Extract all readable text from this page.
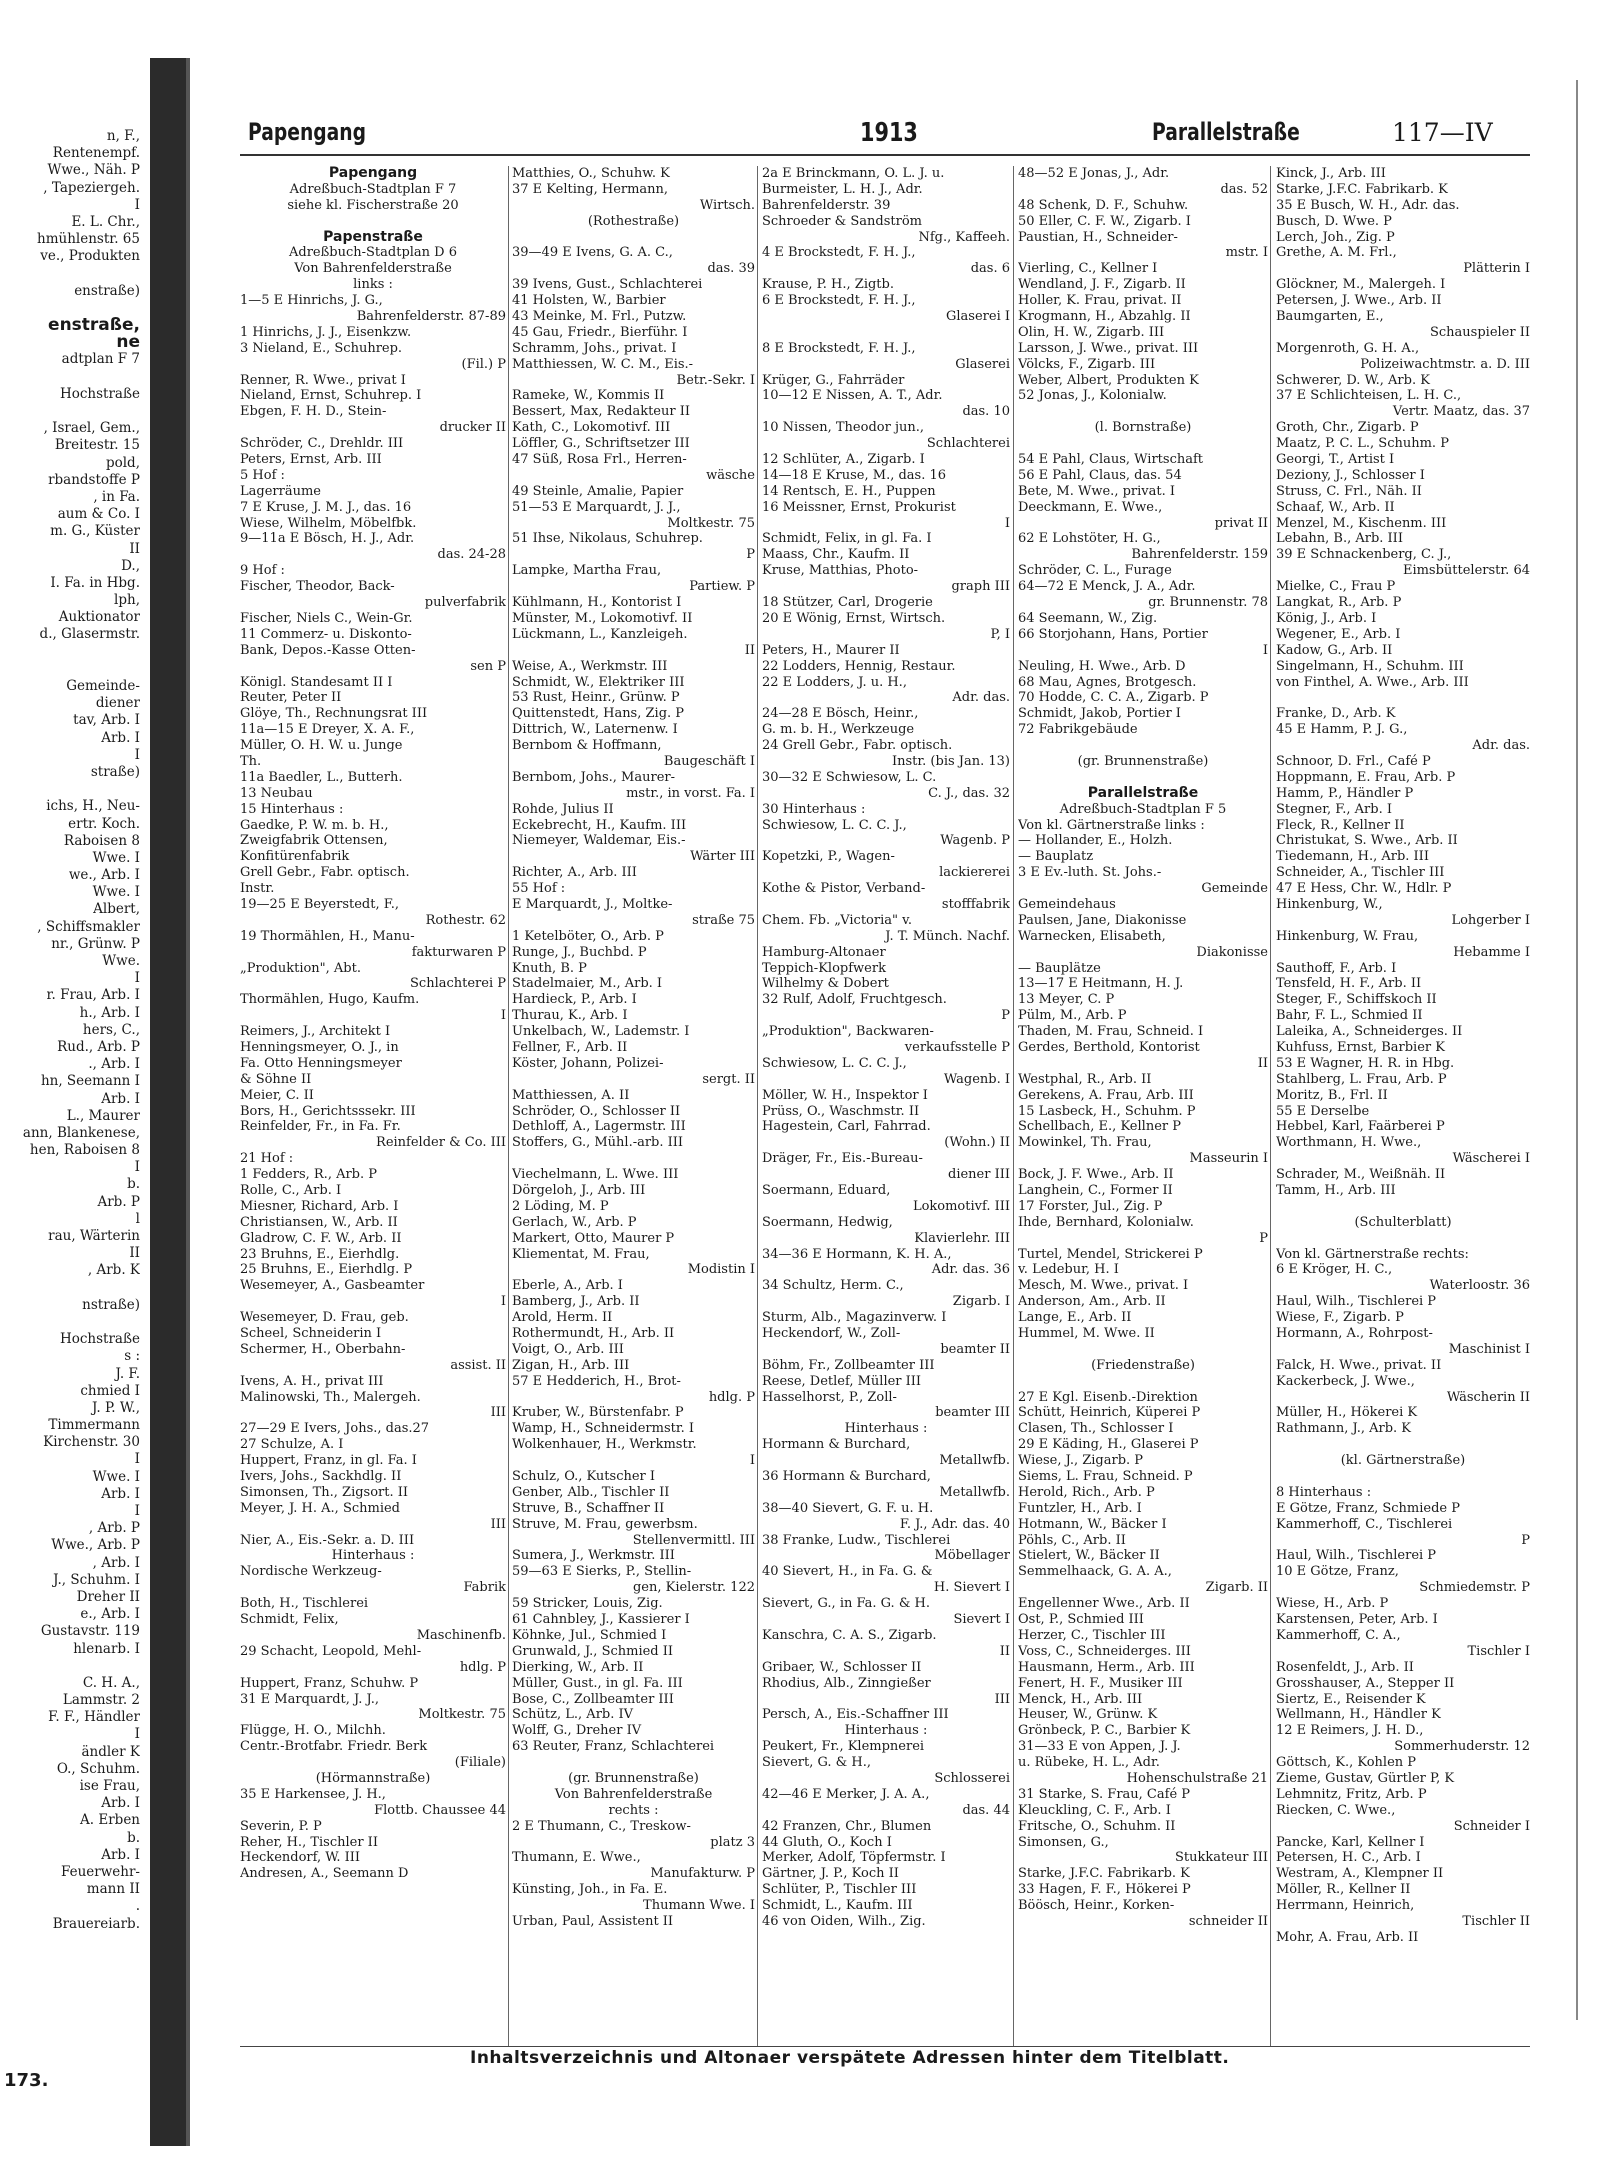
n, F.,
Rentenempf.
Wwe., Näh. P
, Tapeziergeh.
I
E. L. Chr.,
hmühlenstr. 65
ve., Produkten
enstraße)
enstraße,
ne
adtplan F 7
Hochstraße
, Israel, Gem.,
Breitestr. 15
pold,
rbandstoffe P
, in Fa.
aum & Co. I
m. G., Küster
II
D.,
I. Fa. in Hbg.
lph,
Auktionator
d., Glasermstr.
Gemeinde-
diener
tav, Arb. I
Arb. I
I
straße)
ichs, H., Neu-
ertr. Koch.
Raboisen 8
Wwe. I
we., Arb. I
Wwe. I
Albert,
, Schiffsmakler
nr., Grünw. P
Wwe.
I
r. Frau, Arb. I
h., Arb. I
hers, C.,
Rud., Arb. P
., Arb. I
hn, Seemann I
Arb. I
L., Maurer
ann, Blankenese,
hen, Raboisen 8
I
b.
Arb. P
l
rau, Wärterin
II
, Arb. K
nstraße)
Hochstraße
s :
J. F.
chmied I
J. P. W.,
Timmermann
Kirchenstr. 30
I
Wwe. I
Arb. I
I
, Arb. P
Wwe., Arb. P
, Arb. I
J., Schuhm. I
Dreher II
e., Arb. I
Gustavstr. 119
hlenarb. I
C. H. A.,
Lammstr. 2
F. F., Händler
I
ändler K
O., Schuhm.
ise Frau,
Arb. I
A. Erben
b.
Arb. I
Feuerwehr-
mann II
.
Brauereiarb.
173.
Papengang	1913	Parallelstraße	117—IV
Papengang
Adreßbuch-Stadtplan F 7
siehe kl. Fischerstraße 20
Papenstraße
Adreßbuch-Stadtplan D 6
Von Bahrenfelderstraße
links :
1—5 E Hinrichs, J. G.,
Bahrenfelderstr. 87-89
1 Hinrichs, J. J., Eisenkzw.
3 Nieland, E., Schuhrep.
(Fil.) P
Renner, R. Wwe., privat I
Nieland, Ernst, Schuhrep. I
Ebgen, F. H. D., Stein-
drucker II
Schröder, C., Drehldr. III
Peters, Ernst, Arb. III
5 Hof :
Lagerräume
7 E Kruse, J. M. J., das. 16
Wiese, Wilhelm, Möbelfbk.
9—11a E Bösch, H. J., Adr.
das. 24-28
9 Hof :
Fischer, Theodor, Back-
pulverfabrik
Fischer, Niels C., Wein-Gr.
11 Commerz- u. Diskonto-
Bank, Depos.-Kasse Otten-
sen P
Königl. Standesamt II I
Reuter, Peter II
Glöye, Th., Rechnungsrat III
11a—15 E Dreyer, X. A. F.,
Müller, O. H. W. u. Junge
Th.
11a Baedler, L., Butterh.
13 Neubau
15 Hinterhaus :
Gaedke, P. W. m. b. H.,
Zweigfabrik Ottensen,
Konfitürenfabrik
Grell Gebr., Fabr. optisch.
Instr.
19—25 E Beyerstedt, F.,
Rothestr. 62
19 Thormählen, H., Manu-
fakturwaren P
„Produktion", Abt.
Schlachterei P
Thormählen, Hugo, Kaufm.
I
Reimers, J., Architekt I
Henningsmeyer, O. J., in
Fa. Otto Henningsmeyer
& Söhne II
Meier, C. II
Bors, H., Gerichtsssekr. III
Reinfelder, Fr., in Fa. Fr.
Reinfelder & Co. III
21 Hof :
1 Fedders, R., Arb. P
Rolle, C., Arb. I
Miesner, Richard, Arb. I
Christiansen, W., Arb. II
Gladrow, C. F. W., Arb. II
23 Bruhns, E., Eierhdlg.
25 Bruhns, E., Eierhdlg. P
Wesemeyer, A., Gasbeamter
I
Wesemeyer, D. Frau, geb.
Scheel, Schneiderin I
Schermer, H., Oberbahn-
assist. II
Ivens, A. H., privat III
Malinowski, Th., Malergeh.
III
27—29 E Ivers, Johs., das.27
27 Schulze, A. I
Huppert, Franz, in gl. Fa. I
Ivers, Johs., Sackhdlg. II
Simonsen, Th., Zigsort. II
Meyer, J. H. A., Schmied
III
Nier, A., Eis.-Sekr. a. D. III
Hinterhaus :
Nordische Werkzeug-
Fabrik
Both, H., Tischlerei
Schmidt, Felix,
Maschinenfb.
29 Schacht, Leopold, Mehl-
hdlg. P
Huppert, Franz, Schuhw. P
31 E Marquardt, J. J.,
Moltkestr. 75
Flügge, H. O., Milchh.
Centr.-Brotfabr. Friedr. Berk
(Filiale)
(Hörmannstraße)
35 E Harkensee, J. H.,
Flottb. Chaussee 44
Severin, P. P
Reher, H., Tischler II
Heckendorf, W. III
Andresen, A., Seemann D
Matthies, O., Schuhw. K
37 E Kelting, Hermann,
Wirtsch.
(Rothestraße)
39—49 E Ivens, G. A. C.,
das. 39
39 Ivens, Gust., Schlachterei
41 Holsten, W., Barbier
43 Meinke, M. Frl., Putzw.
45 Gau, Friedr., Bierführ. I
Schramm, Johs., privat. I
Matthiessen, W. C. M., Eis.-
Betr.-Sekr. I
Rameke, W., Kommis II
Bessert, Max, Redakteur II
Kath, C., Lokomotivf. III
Löffler, G., Schriftsetzer III
47 Süß, Rosa Frl., Herren-
wäsche
49 Steinle, Amalie, Papier
51—53 E Marquardt, J. J.,
Moltkestr. 75
51 Ihse, Nikolaus, Schuhrep.
P
Lampke, Martha Frau,
Partiew. P
Kühlmann, H., Kontorist I
Münster, M., Lokomotivf. II
Lückmann, L., Kanzleigeh.
II
Weise, A., Werkmstr. III
Schmidt, W., Elektriker III
53 Rust, Heinr., Grünw. P
Quittenstedt, Hans, Zig. P
Dittrich, W., Laternenw. I
Bernbom & Hoffmann,
Baugeschäft I
Bernbom, Johs., Maurer-
mstr., in vorst. Fa. I
Rohde, Julius II
Eckebrecht, H., Kaufm. III
Niemeyer, Waldemar, Eis.-
Wärter III
Richter, A., Arb. III
55 Hof :
E Marquardt, J., Moltke-
straße 75
1 Ketelböter, O., Arb. P
Runge, J., Buchbd. P
Knuth, B. P
Stadelmaier, M., Arb. I
Hardieck, P., Arb. I
Thurau, K., Arb. I
Unkelbach, W., Lademstr. I
Fellner, F., Arb. II
Köster, Johann, Polizei-
sergt. II
Matthiessen, A. II
Schröder, O., Schlosser II
Dethloff, A., Lagermstr. III
Stoffers, G., Mühl.-arb. III
Viechelmann, L. Wwe. III
Dörgeloh, J., Arb. III
2 Löding, M. P
Gerlach, W., Arb. P
Markert, Otto, Maurer P
Kliementat, M. Frau,
Modistin I
Eberle, A., Arb. I
Bamberg, J., Arb. II
Arold, Herm. II
Rothermundt, H., Arb. II
Voigt, O., Arb. III
Zigan, H., Arb. III
57 E Hedderich, H., Brot-
hdlg. P
Kruber, W., Bürstenfabr. P
Wamp, H., Schneidermstr. I
Wolkenhauer, H., Werkmstr.
I
Schulz, O., Kutscher I
Genber, Alb., Tischler II
Struve, B., Schaffner II
Struve, M. Frau, gewerbsm.
Stellenvermittl. III
Sumera, J., Werkmstr. III
59—63 E Sierks, P., Stellin-
gen, Kielerstr. 122
59 Stricker, Louis, Zig.
61 Cahnbley, J., Kassierer I
Köhnke, Jul., Schmied I
Grunwald, J., Schmied II
Dierking, W., Arb. II
Müller, Gust., in gl. Fa. III
Bose, C., Zollbeamter III
Schütz, L., Arb. IV
Wolff, G., Dreher IV
63 Reuter, Franz, Schlachterei
(gr. Brunnenstraße)
Von Bahrenfelderstraße
rechts :
2 E Thumann, C., Treskow-
platz 3
Thumann, E. Wwe.,
Manufakturw. P
Künsting, Joh., in Fa. E.
Thumann Wwe. I
Urban, Paul, Assistent II
2a E Brinckmann, O. L. J. u.
Burmeister, L. H. J., Adr.
Bahrenfelderstr. 39
Schroeder & Sandström
Nfg., Kaffeeh.
4 E Brockstedt, F. H. J.,
das. 6
Krause, P. H., Zigtb.
6 E Brockstedt, F. H. J.,
Glaserei I
8 E Brockstedt, F. H. J.,
Glaserei
Krüger, G., Fahrräder
10—12 E Nissen, A. T., Adr.
das. 10
10 Nissen, Theodor jun.,
Schlachterei
12 Schlüter, A., Zigarb. I
14—18 E Kruse, M., das. 16
14 Rentsch, E. H., Puppen
16 Meissner, Ernst, Prokurist
I
Schmidt, Felix, in gl. Fa. I
Maass, Chr., Kaufm. II
Kruse, Matthias, Photo-
graph III
18 Stützer, Carl, Drogerie
20 E Wönig, Ernst, Wirtsch.
P, I
Peters, H., Maurer II
22 Lodders, Hennig, Restaur.
22 E Lodders, J. u. H.,
Adr. das.
24—28 E Bösch, Heinr.,
G. m. b. H., Werkzeuge
24 Grell Gebr., Fabr. optisch.
Instr. (bis Jan. 13)
30—32 E Schwiesow, L. C.
C. J., das. 32
30 Hinterhaus :
Schwiesow, L. C. C. J.,
Wagenb. P
Kopetzki, P., Wagen-
lackiererei
Kothe & Pistor, Verband-
stofffabrik
Chem. Fb. „Victoria" v.
J. T. Münch. Nachf.
Hamburg-Altonaer
Teppich-Klopfwerk
Wilhelmy & Dobert
32 Rulf, Adolf, Fruchtgesch.
P
„Produktion", Backwaren-
verkaufsstelle P
Schwiesow, L. C. C. J.,
Wagenb. I
Möller, W. H., Inspektor I
Prüss, O., Waschmstr. II
Hagestein, Carl, Fahrrad.
(Wohn.) II
Dräger, Fr., Eis.-Bureau-
diener III
Soermann, Eduard,
Lokomotivf. III
Soermann, Hedwig,
Klavierlehr. III
34—36 E Hormann, K. H. A.,
Adr. das. 36
34 Schultz, Herm. C.,
Zigarb. I
Sturm, Alb., Magazinverw. I
Heckendorf, W., Zoll-
beamter II
Böhm, Fr., Zollbeamter III
Reese, Detlef, Müller III
Hasselhorst, P., Zoll-
beamter III
Hinterhaus :
Hormann & Burchard,
Metallwfb.
36 Hormann & Burchard,
Metallwfb.
38—40 Sievert, G. F. u. H.
F. J., Adr. das. 40
38 Franke, Ludw., Tischlerei
Möbellager
40 Sievert, H., in Fa. G. &
H. Sievert I
Sievert, G., in Fa. G. & H.
Sievert I
Kanschra, C. A. S., Zigarb.
II
Gribaer, W., Schlosser II
Rhodius, Alb., Zinngießer
III
Persch, A., Eis.-Schaffner III
Hinterhaus :
Peukert, Fr., Klempnerei
Sievert, G. & H.,
Schlosserei
42—46 E Merker, J. A. A.,
das. 44
42 Franzen, Chr., Blumen
44 Gluth, O., Koch I
Merker, Adolf, Töpfermstr. I
Gärtner, J. P., Koch II
Schlüter, P., Tischler III
Schmidt, L., Kaufm. III
46 von Oiden, Wilh., Zig.
48—52 E Jonas, J., Adr.
das. 52
48 Schenk, D. F., Schuhw.
50 Eller, C. F. W., Zigarb. I
Paustian, H., Schneider-
mstr. I
Vierling, C., Kellner I
Wendland, J. F., Zigarb. II
Holler, K. Frau, privat. II
Krogmann, H., Abzahlg. II
Olin, H. W., Zigarb. III
Larsson, J. Wwe., privat. III
Völcks, F., Zigarb. III
Weber, Albert, Produkten K
52 Jonas, J., Kolonialw.
(l. Bornstraße)
54 E Pahl, Claus, Wirtschaft
56 E Pahl, Claus, das. 54
Bete, M. Wwe., privat. I
Deeckmann, E. Wwe.,
privat II
62 E Lohstöter, H. G.,
Bahrenfelderstr. 159
Schröder, C. L., Furage
64—72 E Menck, J. A., Adr.
gr. Brunnenstr. 78
64 Seemann, W., Zig.
66 Storjohann, Hans, Portier
I
Neuling, H. Wwe., Arb. D
68 Mau, Agnes, Brotgesch.
70 Hodde, C. C. A., Zigarb. P
Schmidt, Jakob, Portier I
72 Fabrikgebäude
(gr. Brunnenstraße)
Parallelstraße
Adreßbuch-Stadtplan F 5
Von kl. Gärtnerstraße links :
— Hollander, E., Holzh.
— Bauplatz
3 E Ev.-luth. St. Johs.-
Gemeinde
Gemeindehaus
Paulsen, Jane, Diakonisse
Warnecken, Elisabeth,
Diakonisse
— Bauplätze
13—17 E Heitmann, H. J.
13 Meyer, C. P
Pülm, M., Arb. P
Thaden, M. Frau, Schneid. I
Gerdes, Berthold, Kontorist
II
Westphal, R., Arb. II
Gerekens, A. Frau, Arb. III
15 Lasbeck, H., Schuhm. P
Schellbach, E., Kellner P
Mowinkel, Th. Frau,
Masseurin I
Bock, J. F. Wwe., Arb. II
Langhein, C., Former II
17 Forster, Jul., Zig. P
Ihde, Bernhard, Kolonialw.
P
Turtel, Mendel, Strickerei P
v. Ledebur, H. I
Mesch, M. Wwe., privat. I
Anderson, Am., Arb. II
Lange, E., Arb. II
Hummel, M. Wwe. II
(Friedenstraße)
27 E Kgl. Eisenb.-Direktion
Schütt, Heinrich, Küperei P
Clasen, Th., Schlosser I
29 E Käding, H., Glaserei P
Wiese, J., Zigarb. P
Siems, L. Frau, Schneid. P
Herold, Rich., Arb. P
Funtzler, H., Arb. I
Hotmann, W., Bäcker I
Pöhls, C., Arb. II
Stielert, W., Bäcker II
Semmelhaack, G. A. A.,
Zigarb. II
Engellenner Wwe., Arb. II
Ost, P., Schmied III
Herzer, C., Tischler III
Voss, C., Schneiderges. III
Hausmann, Herm., Arb. III
Fenert, H. F., Musiker III
Menck, H., Arb. III
Heuser, W., Grünw. K
Grönbeck, P. C., Barbier K
31—33 E von Appen, J. J.
u. Rübeke, H. L., Adr.
Hohenschulstraße 21
31 Starke, S. Frau, Café P
Kleuckling, C. F., Arb. I
Fritsche, O., Schuhm. II
Simonsen, G.,
Stukkateur III
Starke, J.F.C. Fabrikarb. K
33 Hagen, F. F., Hökerei P
Böösch, Heinr., Korken-
schneider II
Kinck, J., Arb. III
Starke, J.F.C. Fabrikarb. K
35 E Busch, W. H., Adr. das.
Busch, D. Wwe. P
Lerch, Joh., Zig. P
Grethe, A. M. Frl.,
Plätterin I
Glöckner, M., Malergeh. I
Petersen, J. Wwe., Arb. II
Baumgarten, E.,
Schauspieler II
Morgenroth, G. H. A.,
Polizeiwachtmstr. a. D. III
Schwerer, D. W., Arb. K
37 E Schlichteisen, L. H. C.,
Vertr. Maatz, das. 37
Groth, Chr., Zigarb. P
Maatz, P. C. L., Schuhm. P
Georgi, T., Artist I
Deziony, J., Schlosser I
Struss, C. Frl., Näh. II
Schaaf, W., Arb. II
Menzel, M., Kischenm. III
Lebahn, B., Arb. III
39 E Schnackenberg, C. J.,
Eimsbüttelerstr. 64
Mielke, C., Frau P
Langkat, R., Arb. P
König, J., Arb. I
Wegener, E., Arb. I
Kadow, G., Arb. II
Singelmann, H., Schuhm. III
von Finthel, A. Wwe., Arb. III
Franke, D., Arb. K
45 E Hamm, P. J. G.,
Adr. das.
Schnoor, D. Frl., Café P
Hoppmann, E. Frau, Arb. P
Hamm, P., Händler P
Stegner, F., Arb. I
Fleck, R., Kellner II
Christukat, S. Wwe., Arb. II
Tiedemann, H., Arb. III
Schneider, A., Tischler III
47 E Hess, Chr. W., Hdlr. P
Hinkenburg, W.,
Lohgerber I
Hinkenburg, W. Frau,
Hebamme I
Sauthoff, F., Arb. I
Tensfeld, H. F., Arb. II
Steger, F., Schiffskoch II
Bahr, F. L., Schmied II
Laleika, A., Schneiderges. II
Kuhfuss, Ernst, Barbier K
53 E Wagner, H. R. in Hbg.
Stahlberg, L. Frau, Arb. P
Moritz, B., Frl. II
55 E Derselbe
Hebbel, Karl, Faärberei P
Worthmann, H. Wwe.,
Wäscherei I
Schrader, M., Weißnäh. II
Tamm, H., Arb. III
(Schulterblatt)
Von kl. Gärtnerstraße rechts:
6 E Kröger, H. C.,
Waterloostr. 36
Haul, Wilh., Tischlerei P
Wiese, F., Zigarb. P
Hormann, A., Rohrpost-
Maschinist I
Falck, H. Wwe., privat. II
Kackerbeck, J. Wwe.,
Wäscherin II
Müller, H., Hökerei K
Rathmann, J., Arb. K
(kl. Gärtnerstraße)
8 Hinterhaus :
E Götze, Franz, Schmiede P
Kammerhoff, C., Tischlerei
P
Haul, Wilh., Tischlerei P
10 E Götze, Franz,
Schmiedemstr. P
Wiese, H., Arb. P
Karstensen, Peter, Arb. I
Kammerhoff, C. A.,
Tischler I
Rosenfeldt, J., Arb. II
Grosshauser, A., Stepper II
Siertz, E., Reisender K
Wellmann, H., Händler K
12 E Reimers, J. H. D.,
Sommerhuderstr. 12
Göttsch, K., Kohlen P
Zieme, Gustav, Gürtler P, K
Lehmnitz, Fritz, Arb. P
Riecken, C. Wwe.,
Schneider I
Pancke, Karl, Kellner I
Petersen, H. C., Arb. I
Westram, A., Klempner II
Möller, R., Kellner II
Herrmann, Heinrich,
Tischler II
Mohr, A. Frau, Arb. II
Inhaltsverzeichnis und Altonaer verspätete Adressen hinter dem Titelblatt.
